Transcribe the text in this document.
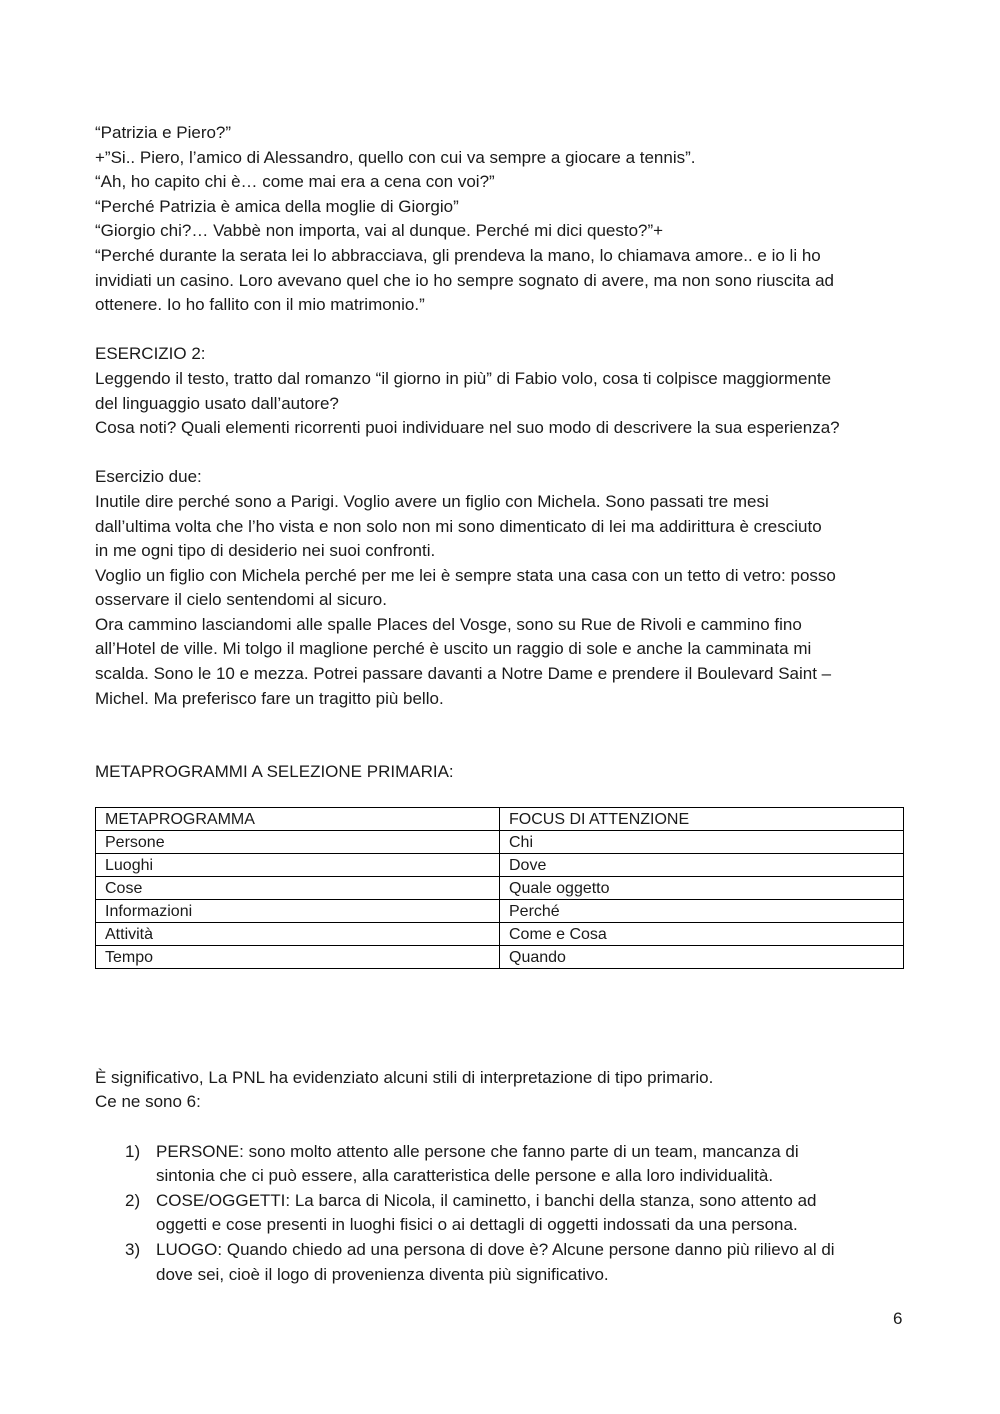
“Patrizia e Piero?”
+”Si.. Piero, l’amico di Alessandro, quello con cui va sempre a giocare a tennis”.
“Ah, ho capito chi è… come mai era a cena con voi?”
“Perché Patrizia è amica della moglie di Giorgio”
“Giorgio chi?… Vabbè non importa, vai al dunque. Perché mi dici questo?”+
“Perché durante la serata lei lo abbracciava, gli prendeva la mano, lo chiamava amore.. e io li ho
invidiati un casino. Loro avevano quel che io ho sempre sognato di avere, ma non sono riuscita ad
ottenere. Io ho fallito con il mio matrimonio.”
ESERCIZIO 2:
Leggendo il testo, tratto dal romanzo “il giorno in più” di Fabio volo, cosa ti colpisce maggiormente
del linguaggio usato dall’autore?
Cosa noti? Quali elementi ricorrenti puoi individuare nel suo modo di descrivere la sua esperienza?
Esercizio due:
Inutile dire perché sono a Parigi. Voglio avere un figlio con Michela. Sono passati tre mesi
dall’ultima volta che l’ho vista e non solo non mi sono dimenticato di lei ma addirittura è cresciuto
in me ogni tipo di desiderio nei suoi confronti.
Voglio un figlio con Michela perché per me lei è sempre stata una casa con un tetto di vetro: posso
osservare il cielo sentendomi al sicuro.
Ora cammino lasciandomi alle spalle Places del Vosge, sono su Rue de Rivoli e cammino fino
all’Hotel de ville. Mi tolgo il maglione perché è uscito un raggio di sole e anche la camminata mi
scalda. Sono le 10 e mezza. Potrei passare davanti a Notre Dame e prendere il Boulevard Saint –
Michel. Ma preferisco fare un tragitto più bello.
METAPROGRAMMI A SELEZIONE PRIMARIA:
METAPROGRAMMA	FOCUS DI ATTENZIONE
Persone	Chi
Luoghi	Dove
Cose	Quale oggetto
Informazioni	Perché
Attività	Come e Cosa
Tempo	Quando
È significativo, La PNL ha evidenziato alcuni stili di interpretazione di tipo primario.
Ce ne sono 6:
1) PERSONE: sono molto attento alle persone che fanno parte di un team, mancanza di
sintonia che ci può essere, alla caratteristica delle persone e alla loro individualità.
2) COSE/OGGETTI: La barca di Nicola, il caminetto, i banchi della stanza, sono attento ad
oggetti e cose presenti in luoghi fisici o ai dettagli di oggetti indossati da una persona.
3) LUOGO: Quando chiedo ad una persona di dove è? Alcune persone danno più rilievo al di
dove sei, cioè il logo di provenienza diventa più significativo.
6
